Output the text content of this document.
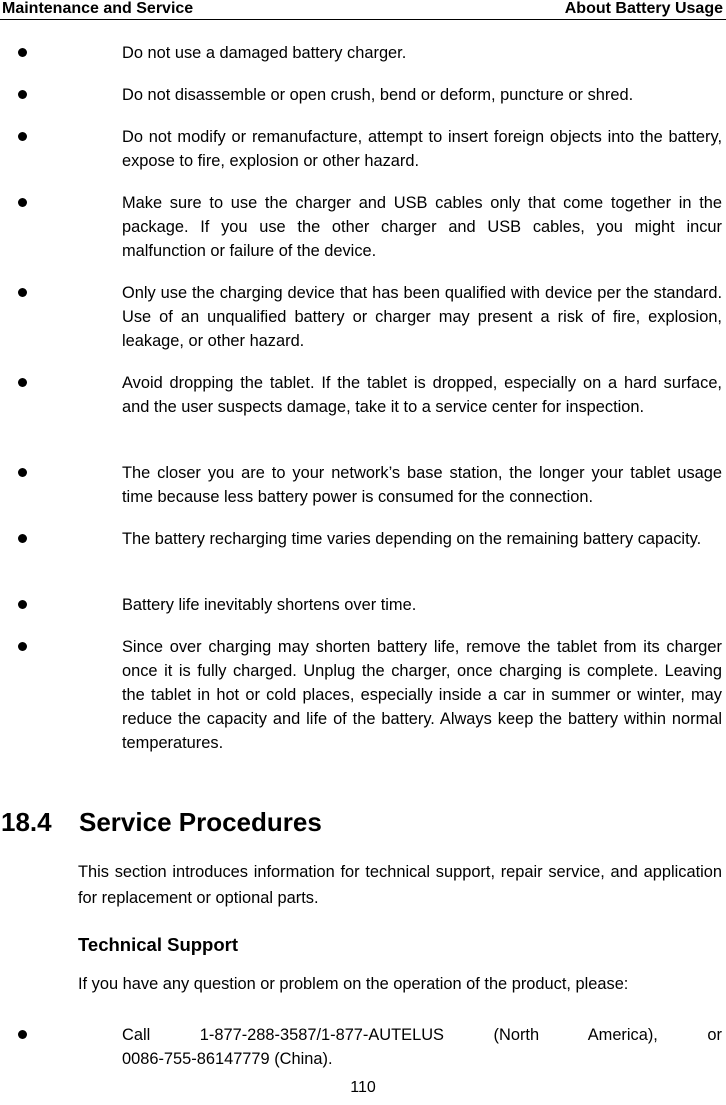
Maintenance and Service	About Battery Usage
Do not use a damaged battery charger.
Do not disassemble or open crush, bend or deform, puncture or shred.
Do not modify or remanufacture, attempt to insert foreign objects into the battery, expose to fire, explosion or other hazard.
Make sure to use the charger and USB cables only that come together in the package. If you use the other charger and USB cables, you might incur malfunction or failure of the device.
Only use the charging device that has been qualified with device per the standard. Use of an unqualified battery or charger may present a risk of fire, explosion, leakage, or other hazard.
Avoid dropping the tablet. If the tablet is dropped, especially on a hard surface, and the user suspects damage, take it to a service center for inspection.
The closer you are to your network’s base station, the longer your tablet usage time because less battery power is consumed for the connection.
The battery recharging time varies depending on the remaining battery capacity.
Battery life inevitably shortens over time.
Since over charging may shorten battery life, remove the tablet from its charger once it is fully charged. Unplug the charger, once charging is complete. Leaving the tablet in hot or cold places, especially inside a car in summer or winter, may reduce the capacity and life of the battery. Always keep the battery within normal temperatures.
18.4 Service Procedures
This section introduces information for technical support, repair service, and application for replacement or optional parts.
Technical Support
If you have any question or problem on the operation of the product, please:
Call 1-877-288-3587/1-877-AUTELUS (North America), or
0086-755-86147779 (China).
110
